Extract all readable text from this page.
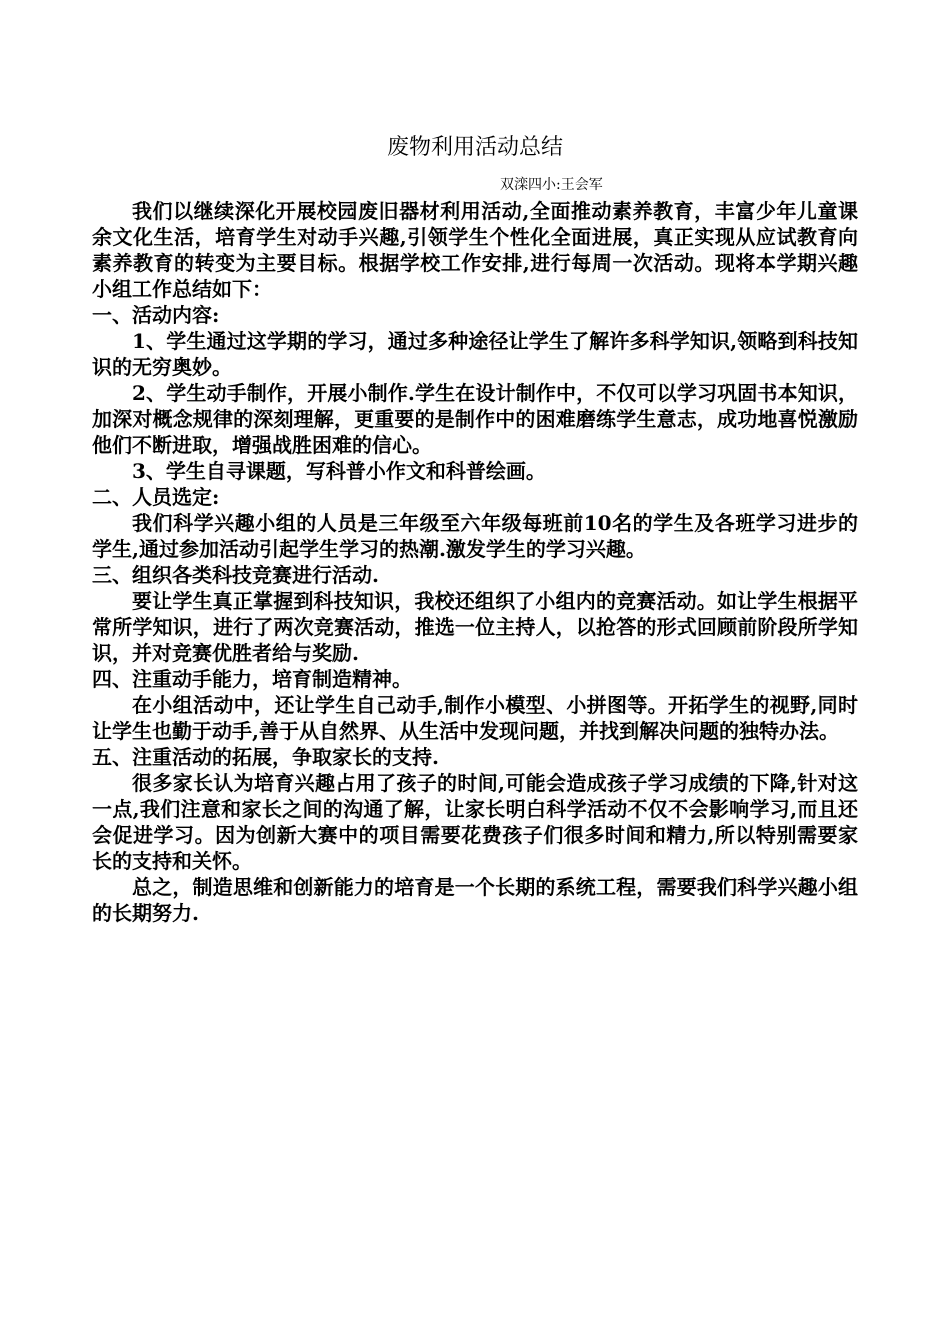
废物利用活动总结
双滦四小:王会军

我们以继续深化开展校园废旧器材利用活动,全面推动素养教育，丰富少年儿童课余文化生活，培育学生对动手兴趣,引领学生个性化全面进展，真正实现从应试教育向素养教育的转变为主要目标。根据学校工作安排,进行每周一次活动。现将本学期兴趣小组工作总结如下：

一、活动内容:

1、学生通过这学期的学习，通过多种途径让学生了解许多科学知识,领略到科技知识的无穷奥妙。

2、学生动手制作，开展小制作.学生在设计制作中，不仅可以学习巩固书本知识，加深对概念规律的深刻理解，更重要的是制作中的困难磨练学生意志，成功地喜悦激励他们不断进取，增强战胜困难的信心。

3、学生自寻课题，写科普小作文和科普绘画。

二、人员选定:

我们科学兴趣小组的人员是三年级至六年级每班前10名的学生及各班学习进步的学生,通过参加活动引起学生学习的热潮.激发学生的学习兴趣。

三、组织各类科技竞赛进行活动.

要让学生真正掌握到科技知识，我校还组织了小组内的竞赛活动。如让学生根据平常所学知识，进行了两次竞赛活动，推选一位主持人，以抢答的形式回顾前阶段所学知识，并对竞赛优胜者给与奖励.

四、注重动手能力，培育制造精神。

在小组活动中，还让学生自己动手,制作小模型、小拼图等。开拓学生的视野,同时让学生也勤于动手,善于从自然界、从生活中发现问题，并找到解决问题的独特办法。

五、注重活动的拓展，争取家长的支持.

很多家长认为培育兴趣占用了孩子的时间,可能会造成孩子学习成绩的下降,针对这一点,我们注意和家长之间的沟通了解，让家长明白科学活动不仅不会影响学习,而且还会促进学习。因为创新大赛中的项目需要花费孩子们很多时间和精力,所以特别需要家长的支持和关怀。

总之，制造思维和创新能力的培育是一个长期的系统工程，需要我们科学兴趣小组的长期努力.
